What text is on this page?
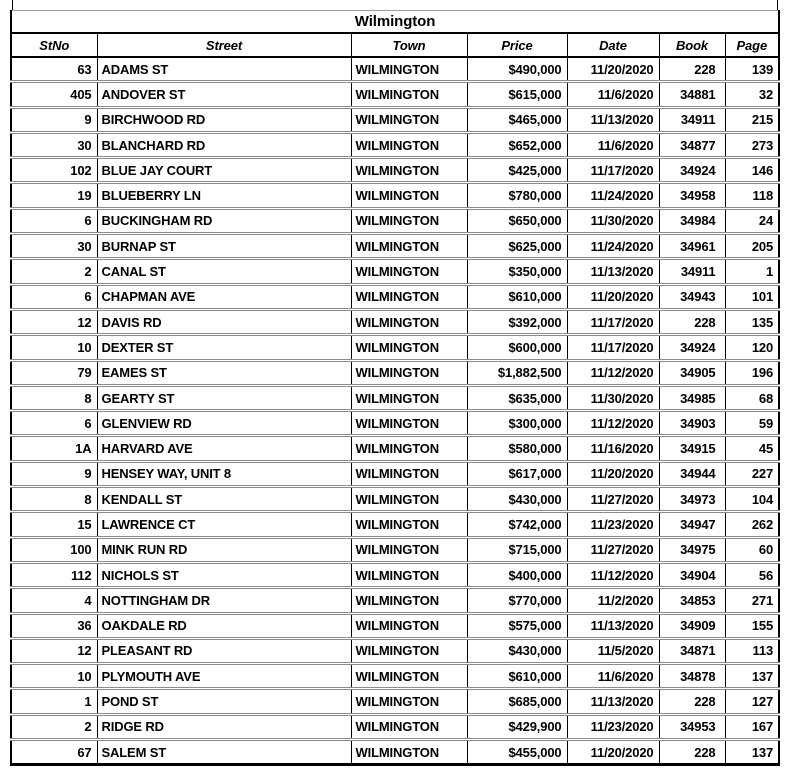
Wilmington						
StNo	Street	Town	Price	Date	Book	Page
63	ADAMS ST	WILMINGTON	$490,000	11/20/2020	228	139
405	ANDOVER ST	WILMINGTON	$615,000	11/6/2020	34881	32
9	BIRCHWOOD RD	WILMINGTON	$465,000	11/13/2020	34911	215
30	BLANCHARD RD	WILMINGTON	$652,000	11/6/2020	34877	273
102	BLUE JAY COURT	WILMINGTON	$425,000	11/17/2020	34924	146
19	BLUEBERRY LN	WILMINGTON	$780,000	11/24/2020	34958	118
6	BUCKINGHAM RD	WILMINGTON	$650,000	11/30/2020	34984	24
30	BURNAP ST	WILMINGTON	$625,000	11/24/2020	34961	205
2	CANAL ST	WILMINGTON	$350,000	11/13/2020	34911	1
6	CHAPMAN AVE	WILMINGTON	$610,000	11/20/2020	34943	101
12	DAVIS RD	WILMINGTON	$392,000	11/17/2020	228	135
10	DEXTER ST	WILMINGTON	$600,000	11/17/2020	34924	120
79	EAMES ST	WILMINGTON	$1,882,500	11/12/2020	34905	196
8	GEARTY ST	WILMINGTON	$635,000	11/30/2020	34985	68
6	GLENVIEW RD	WILMINGTON	$300,000	11/12/2020	34903	59
1A	HARVARD AVE	WILMINGTON	$580,000	11/16/2020	34915	45
9	HENSEY WAY, UNIT 8	WILMINGTON	$617,000	11/20/2020	34944	227
8	KENDALL ST	WILMINGTON	$430,000	11/27/2020	34973	104
15	LAWRENCE CT	WILMINGTON	$742,000	11/23/2020	34947	262
100	MINK RUN RD	WILMINGTON	$715,000	11/27/2020	34975	60
112	NICHOLS ST	WILMINGTON	$400,000	11/12/2020	34904	56
4	NOTTINGHAM DR	WILMINGTON	$770,000	11/2/2020	34853	271
36	OAKDALE RD	WILMINGTON	$575,000	11/13/2020	34909	155
12	PLEASANT RD	WILMINGTON	$430,000	11/5/2020	34871	113
10	PLYMOUTH AVE	WILMINGTON	$610,000	11/6/2020	34878	137
1	POND ST	WILMINGTON	$685,000	11/13/2020	228	127
2	RIDGE RD	WILMINGTON	$429,900	11/23/2020	34953	167
67	SALEM ST	WILMINGTON	$455,000	11/20/2020	228	137
